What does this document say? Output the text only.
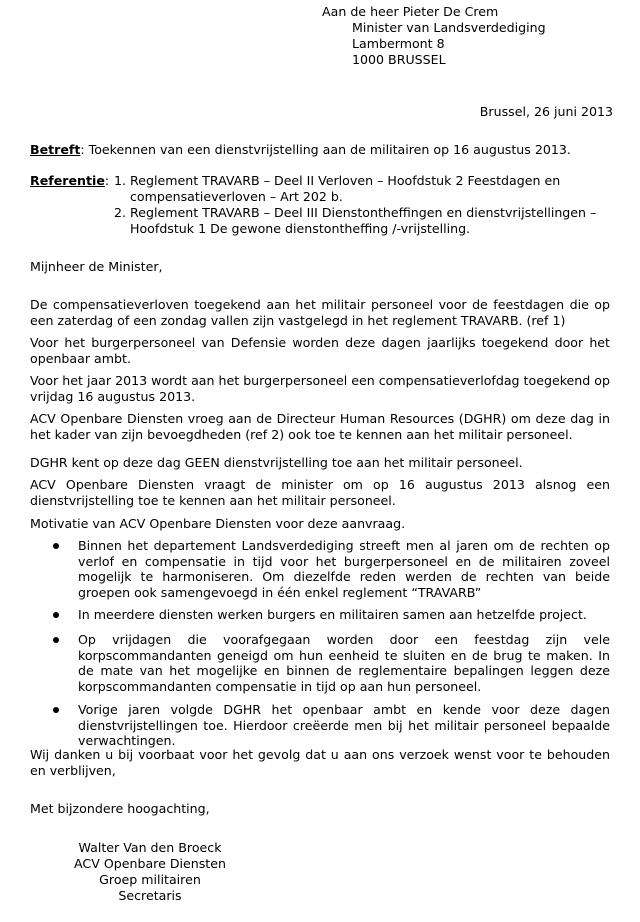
Aan de heer Pieter De Crem
Minister van Landsverdediging
Lambermont 8
1000 BRUSSEL
Brussel, 26 juni 2013
Betreft: Toekennen van een dienstvrijstelling aan de militairen op 16 augustus 2013.
Referentie: 1. Reglement TRAVARB – Deel II Verloven – Hoofdstuk 2 Feestdagen en
compensatieverloven – Art 202 b.
2. Reglement TRAVARB – Deel III Dienstontheffingen en dienstvrijstellingen –
Hoofdstuk 1 De gewone dienstontheffing /-vrijstelling.
Mijnheer de Minister,

De compensatieverloven toegekend aan het militair personeel voor de feestdagen die op een zaterdag of een zondag vallen zijn vastgelegd in het reglement TRAVARB. (ref 1)

Voor het burgerpersoneel van Defensie worden deze dagen jaarlijks toegekend door het openbaar ambt.

Voor het jaar 2013 wordt aan het burgerpersoneel een compensatieverlofdag toegekend op vrijdag 16 augustus 2013.

ACV Openbare Diensten vroeg aan de Directeur Human Resources (DGHR) om deze dag in het kader van zijn bevoegdheden (ref 2) ook toe te kennen aan het militair personeel.

DGHR kent op deze dag GEEN dienstvrijstelling toe aan het militair personeel.

ACV Openbare Diensten vraagt de minister om op 16 augustus 2013 alsnog een dienstvrijstelling toe te kennen aan het militair personeel.

Motivatie van ACV Openbare Diensten voor deze aanvraag.

Binnen het departement Landsverdediging streeft men al jaren om de rechten op verlof en compensatie in tijd voor het burgerpersoneel en de militairen zoveel mogelijk te harmoniseren. Om diezelfde reden werden de rechten van beide groepen ook samengevoegd in één enkel reglement “TRAVARB”
In meerdere diensten werken burgers en militairen samen aan hetzelfde project.
Op vrijdagen die voorafgegaan worden door een feestdag zijn vele korpscommandanten geneigd om hun eenheid te sluiten en de brug te maken. In de mate van het mogelijke en binnen de reglementaire bepalingen leggen deze korpscommandanten compensatie in tijd op aan hun personeel.
Vorige jaren volgde DGHR het openbaar ambt en kende voor deze dagen dienstvrijstellingen toe. Hierdoor creëerde men bij het militair personeel bepaalde verwachtingen.

Wij danken u bij voorbaat voor het gevolg dat u aan ons verzoek wenst voor te behouden en verblijven,

Met bijzondere hoogachting,
Walter Van den Broeck
ACV Openbare Diensten
Groep militairen
Secretaris
